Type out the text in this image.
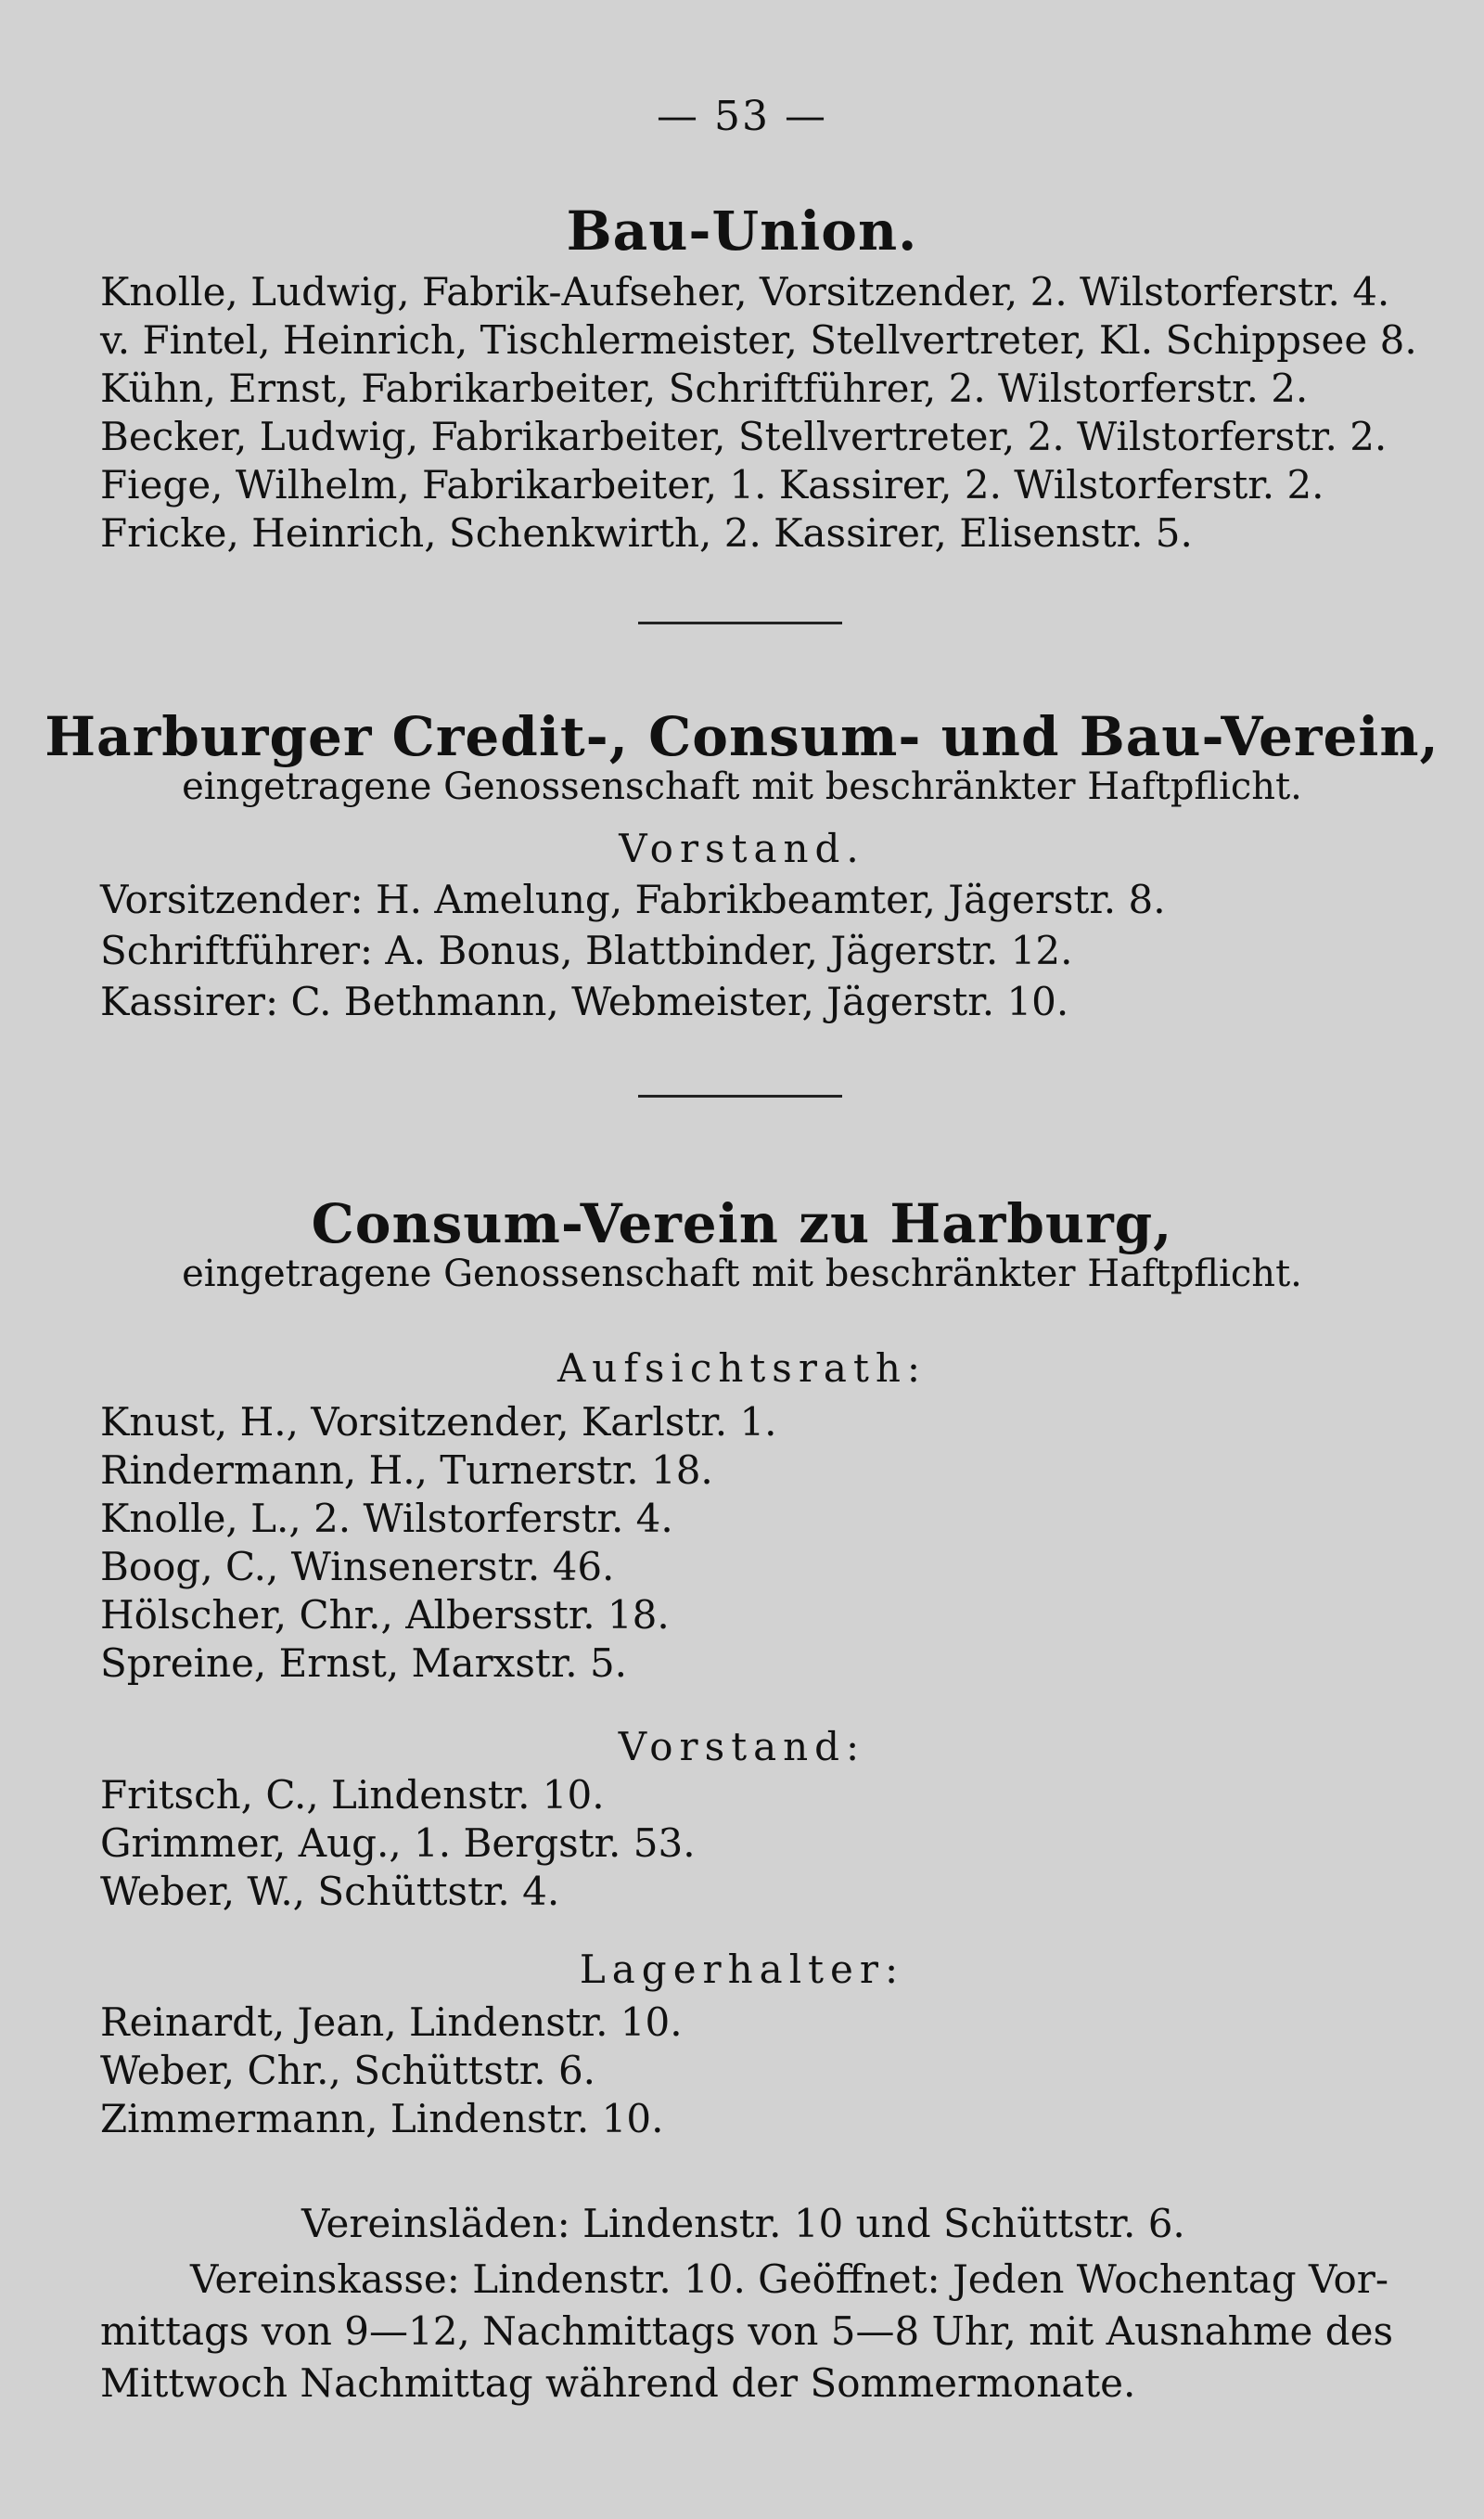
— 53 —
Bau-Union.
Knolle, Ludwig, Fabrik-Aufseher, Vorsitzender, 2. Wilstorferstr. 4.
v. Fintel, Heinrich, Tischlermeister, Stellvertreter, Kl. Schippsee 8.
Kühn, Ernst, Fabrikarbeiter, Schriftführer, 2. Wilstorferstr. 2.
Becker, Ludwig, Fabrikarbeiter, Stellvertreter, 2. Wilstorferstr. 2.
Fiege, Wilhelm, Fabrikarbeiter, 1. Kassirer, 2. Wilstorferstr. 2.
Fricke, Heinrich, Schenkwirth, 2. Kassirer, Elisenstr. 5.
Harburger Credit-, Consum- und Bau-Verein,
eingetragene Genossenschaft mit beschränkter Haftpflicht.
Vorstand.
Vorsitzender: H. Amelung, Fabrikbeamter, Jägerstr. 8.
Schriftführer: A. Bonus, Blattbinder, Jägerstr. 12.
Kassirer: C. Bethmann, Webmeister, Jägerstr. 10.
Consum-Verein zu Harburg,
eingetragene Genossenschaft mit beschränkter Haftpflicht.
Aufsichtsrath:
Knust, H., Vorsitzender, Karlstr. 1.
Rindermann, H., Turnerstr. 18.
Knolle, L., 2. Wilstorferstr. 4.
Boog, C., Winsenerstr. 46.
Hölscher, Chr., Albersstr. 18.
Spreine, Ernst, Marxstr. 5.
Vorstand:
Fritsch, C., Lindenstr. 10.
Grimmer, Aug., 1. Bergstr. 53.
Weber, W., Schüttstr. 4.
Lagerhalter:
Reinardt, Jean, Lindenstr. 10.
Weber, Chr., Schüttstr. 6.
Zimmermann, Lindenstr. 10.
Vereinsläden: Lindenstr. 10 und Schüttstr. 6.
Vereinskasse: Lindenstr. 10. Geöffnet: Jeden Wochentag Vor-
mittags von 9—12, Nachmittags von 5—8 Uhr, mit Ausnahme des
Mittwoch Nachmittag während der Sommermonate.
